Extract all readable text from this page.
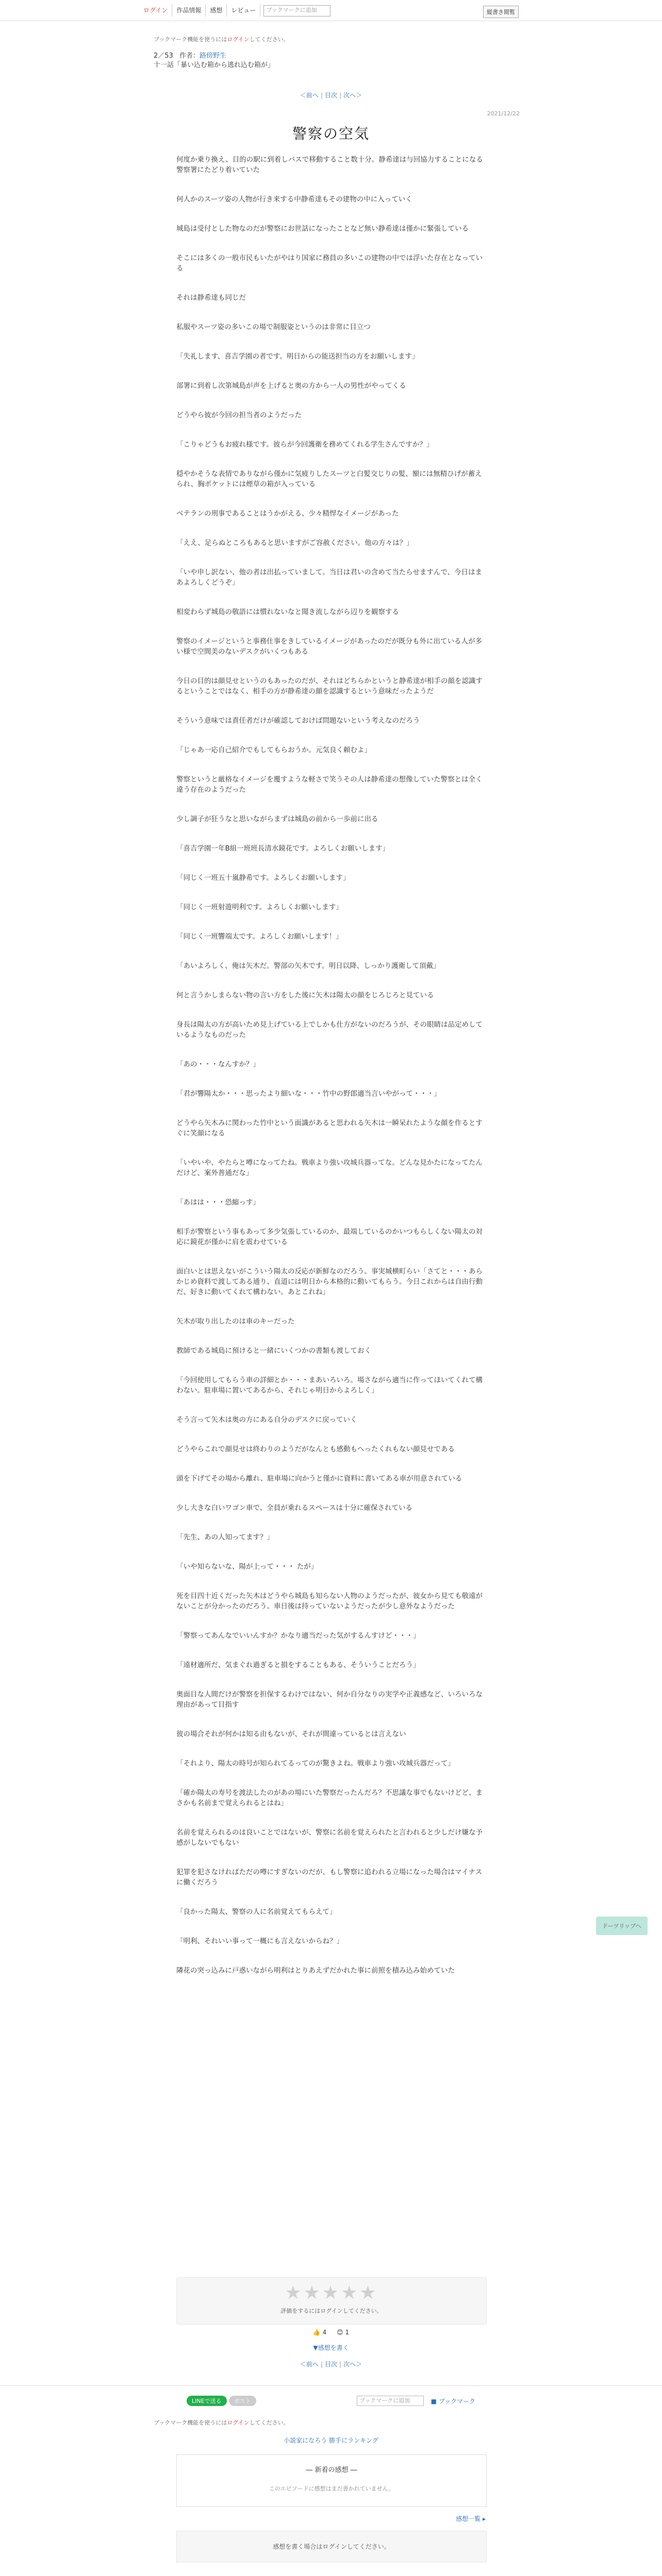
ログイン 作品情報 感想 レビュー ブックマークに追加	縦書き閲覧
ブックマーク機能を使うにはログインしてください。
2／53 作者：路傍野生
十一話「暴い込む箱から逃れ込む箱が」
＜前へ | 目次 | 次へ＞
2021/12/22
警察の空気

何度か乗り換え、目的の駅に到着しバスで移動すること数十分。静希達は与回協力することになる警察署にたどり着いていた

何人かのスーツ姿の人物が行き来する中静希達もその建物の中に入っていく

城島は受付とした物なのだが警察にお世話になったことなど無い静希達は僅かに緊張している

そこには多くの一般市民もいたがやはり国家に務員の多いこの建物の中では浮いた存在となっている

それは静希達も同じだ

私服やスーツ姿の多いこの場で制服姿というのは非常に目立つ

「失礼します、喜吉学園の者です。明日からの能送担当の方をお願いします」

部署に到着し次第城島が声を上げると奥の方から一人の男性がやってくる

どうやら彼が今回の担当者のようだった

「こりゃどうもお疲れ様です。彼らが今回護衛を務めてくれる学生さんですか？」

穏やかそうな表情でありながら僅かに気疲りしたスーツと白髪交じりの髪、額には無精ひげが蓄えられ、胸ポケットには煙草の箱が入っている

ベテランの刑事であることはうかがえる、少々精悍なイメージがあった

「ええ、足らぬところもあると思いますがご容赦ください。他の方々は？」

「いや申し訳ない、他の者は出払っていまして。当日は君いの含めて当たらせますんで、今日はまあよろしくどうぞ」

相変わらず城島の敬語には慣れないなと聞き流しながら辺りを観察する

警察のイメージというと事務仕事をきしているイメージがあったのだが既分も外に出ている人が多い様で空間美のないデスクがいくつもある

今日の目的は顔見せというのもあったのだが、それはどちらかというと静希達が相手の顔を認識するということではなく、相手の方が静希達の顔を認識するという意味だったようだ

そういう意味では責任者だけが確認しておけば問題ないという考えなのだろう

「じゃあ一応自己紹介でもしてもらおうか。元気良く頼むよ」

警察というと厳格なイメージを覆すような軽さで笑うその人は静希達の想像していた警察とは全く違う存在のようだった

少し調子が狂うなと思いながらまずは城島の前から一歩前に出る

「喜吉学園一年B組一班班長清水鏡花です。よろしくお願いします」

「同じく一班五十嵐静希です。よろしくお願いします」

「同じく一班射遊明利です。よろしくお願いします」

「同じく一班響端太です。よろしくお願いします！」

「あいよろしく、俺は矢木だ。警部の矢木です。明日以降、しっかり護衛して頂戴」

何と言うかしまらない物の言い方をした後に矢木は陽太の顔をじろじろと見ている

身長は陽太の方が高いため見上げている上でしかも仕方がないのだろうが、その眼睛は品定めしているようなものだった

「あの・・・なんすか？」

「君が響陽太か・・・思ったより細いな・・・竹中の野郎適当言いやがって・・・」

どうやら矢木みに関わった竹中という面識があると思われる矢木は一瞬呆れたような顔を作るとすぐに笑顔になる

「いやいや、やたらと噂になってたね。戦車より強い攻城兵器ってな。どんな見かたになってたんだけど、案外普通だな」

「あはは・・・恐縮っす」

相手が警察という事もあって多少気張しているのか、最端しているのかいつもらしくない陽太の対応に鏡花が僅かに肩を震わせている

面白いとは思えないがこういう陽太の反応が新鮮なのだろう。事実城横町らい「さてと・・・あらかじめ資料で渡してある通り、直道には明日から本格的に動いてもらう。今日これからは自由行動だ、好きに動いてくれて構わない。あとこれね」

矢木が取り出したのは車のキーだった

教師である城島に預けると一緒にいくつかの書類も渡しておく

「今回使用してもらう車の詳細とか・・・まあいろいろ。場さながら適当に作ってほいてくれて構わない。駐車場に置いてあるから、それじゃ明日からよろしく」

そう言って矢木は奥の方にある自分のデスクに戻っていく

どうやらこれで顔見せは終わりのようだがなんとも感動もへったくれもない顔見せである

頭を下げてその場から離れ、駐車場に向かうと僅かに資料に書いてある車が用意されている

少し大きな白いワゴン車で、全員が乗れるスペースは十分に確保されている

「先生、あの人知ってます？」

「いや知らないな、陽が上って・・・ たが」

死を目四十近くだった矢木はどうやら城島も知らない人物のようだったが、彼女から見ても敬遠がないことが分かったのだろう。車日後は持っていないようだったが少し意外なようだった

「警察ってあんなでいいんすか？かなり適当だった気がするんすけど・・・」

「遠材適所だ、気まぐれ過ぎると損をすることもある、そういうことだろう」

奥面目な人間だけが警察を担保するわけではない、何か自分なりの実学や正義感など、いろいろな理由があって目指す

彼の場合それが何かは知る由もないが、それが間違っているとは言えない

「それより、陽太の時号が知られてるってのが驚きよね。戦車より強い攻城兵器だって」

「確か陽太の寿号を渡法したのがあの場にいた警察だったんだろ？不思議な事でもないけどど、まさかも名前まで覚えられるとはね」

名前を覚えられるのは良いことではないが、警察に名前を覚えられたと言われると少しだけ嫌な予感がしないでもない

犯罪を犯さなければただの噂にすぎないのだが、もし警察に追われる立場になった場合はマイナスに働くだろう

「良かった陽太、警察の人に名前覚えてもらえて」

「明利、それいい事って一概にも言えないからね？」

隣花の突っ込みに戸惑いながら明利はとりあえずだかれた事に前照を積み込み始めていた

ドーツリップへ
★★★★★
評価をするにはログインしてください。
👍 4 😊 1
▼感想を書く
＜前へ | 目次 | 次へ＞
LINEで送る ポスト	ブックマークに追加	■ ブックマーク
ブックマーク機能を使うにはログインしてください。
小説家になろう 勝手にランキング
― 新着の感想 ―
このエピソードに感想はまだ書かれていません。
感想一覧 ▸
感想を書く場合はログインしてください。
